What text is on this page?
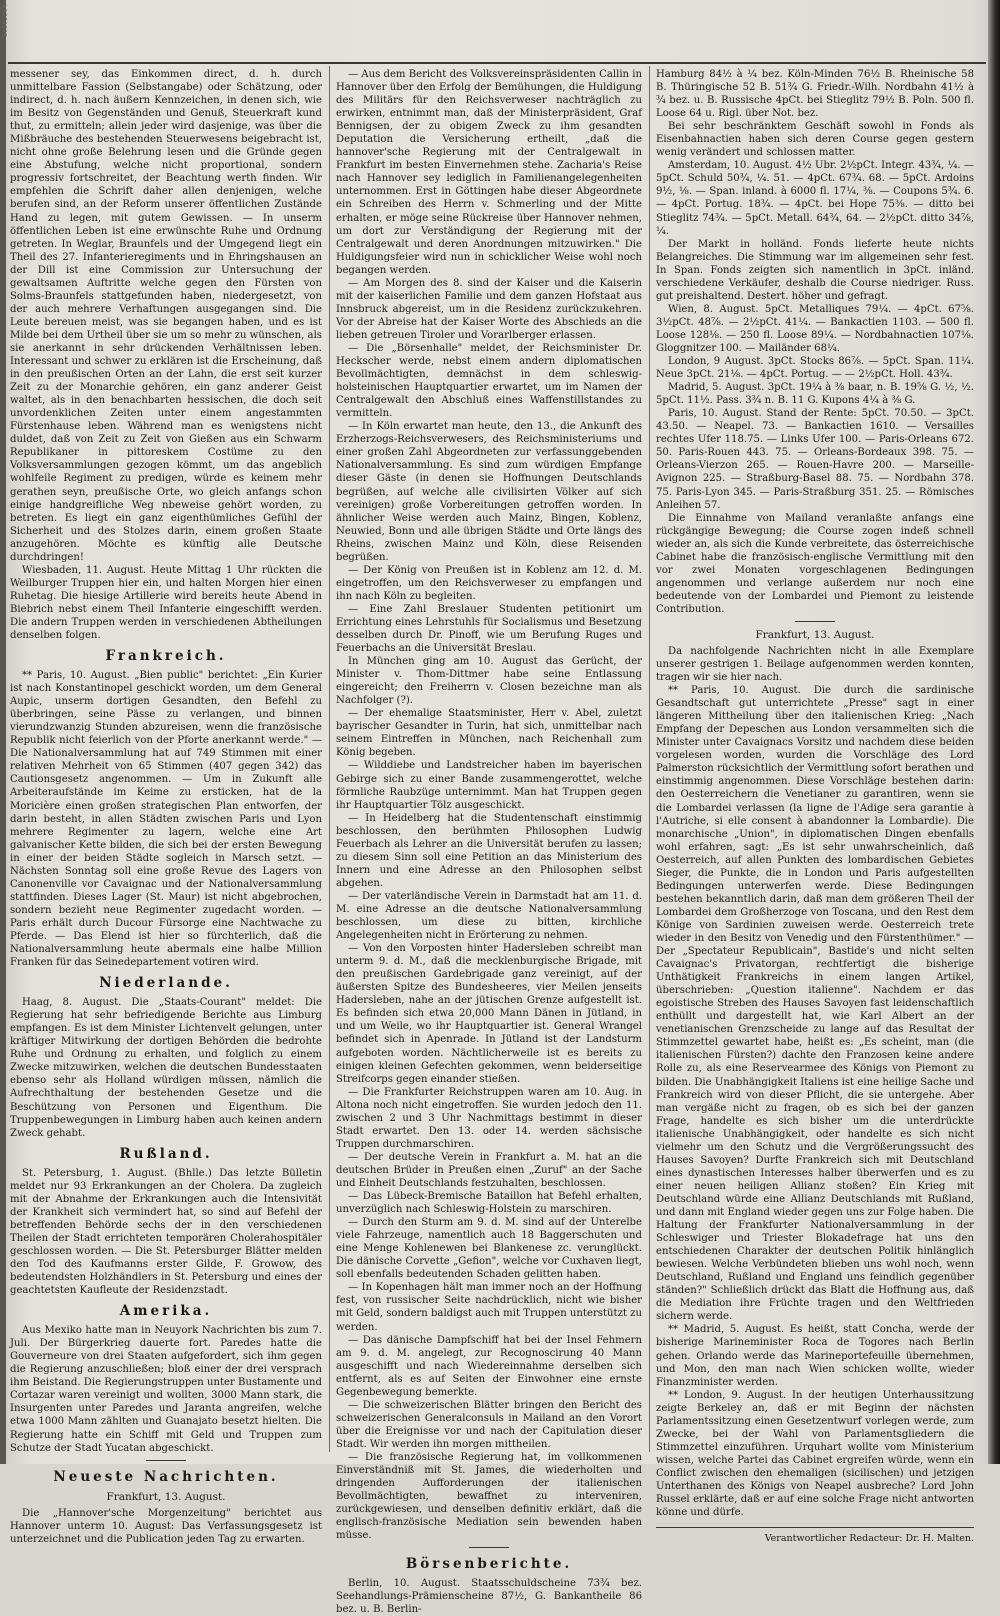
10502264

messener sey, das Einkommen direct, d. h. durch unmittelbare Fassion (Selbstangabe) oder Schätzung, oder indirect, d. h. nach äußern Kennzeichen, in denen sich, wie im Besitz von Gegenständen und Genuß, Steuerkraft kund thut, zu ermitteln; allein jeder wird dasjenige, was über die Mißbräuche des bestehenden Steuerwesens beigebracht ist, nicht ohne große Belehrung lesen und die Gründe gegen eine Abstufung, welche nicht proportional, sondern progressiv fortschreitet, der Beachtung werth finden. Wir empfehlen die Schrift daher allen denjenigen, welche berufen sind, an der Reform unserer öffentlichen Zustände Hand zu legen, mit gutem Gewissen. — In unserm öffentlichen Leben ist eine erwünschte Ruhe und Ordnung getreten. In Weglar, Braunfels und der Umgegend liegt ein Theil des 27. Infanterieregiments und in Ehringshausen an der Dill ist eine Commission zur Untersuchung der gewaltsamen Auftritte welche gegen den Fürsten von Solms-Braunfels stattgefunden haben, niedergesetzt, von der auch mehrere Verhaftungen ausgegangen sind. Die Leute bereuen meist, was sie begangen haben, und es ist Milde bei dem Urtheil über sie um so mehr zu wünschen, als sie anerkannt in sehr drückenden Verhältnissen leben. Interessant und schwer zu erklären ist die Erscheinung, daß in den preußischen Orten an der Lahn, die erst seit kurzer Zeit zu der Monarchie gehören, ein ganz anderer Geist waltet, als in den benachbarten hessischen, die doch seit unvordenklichen Zeiten unter einem angestammten Fürstenhause leben. Während man es wenigstens nicht duldet, daß von Zeit zu Zeit von Gießen aus ein Schwarm Republikaner in pittoreskem Costüme zu den Volksversammlungen gezogen kömmt, um das angeblich wohlfeile Regiment zu predigen, würde es keinem mehr gerathen seyn, preußische Orte, wo gleich anfangs schon einige handgreifliche Weg nbeweise gehört worden, zu betreten. Es liegt ein ganz eigenthümliches Gefühl der Sicherheit und des Stolzes darin, einem großen Staate anzugehören. Möchte es künftig alle Deutsche durchdringen!

Wiesbaden, 11. August. Heute Mittag 1 Uhr rückten die Weilburger Truppen hier ein, und halten Morgen hier einen Ruhetag. Die hiesige Artillerie wird bereits heute Abend in Biebrich nebst einem Theil Infanterie eingeschifft werden. Die andern Truppen werden in verschiedenen Abtheilungen denselben folgen.

Frankreich.

** Paris, 10. August. „Bien public" berichtet: „Ein Kurier ist nach Konstantinopel geschickt worden, um dem General Aupic, unserm dortigen Gesandten, den Befehl zu überbringen, seine Pässe zu verlangen, und binnen vierundzwanzig Stunden abzureisen, wenn die französische Republik nicht feierlich von der Pforte anerkannt werde." — Die Nationalversammlung hat auf 749 Stimmen mit einer relativen Mehrheit von 65 Stimmen (407 gegen 342) das Cautionsgesetz angenommen. — Um in Zukunft alle Arbeiteraufstände im Keime zu ersticken, hat de la Moricière einen großen strategischen Plan entworfen, der darin besteht, in allen Städten zwischen Paris und Lyon mehrere Regimenter zu lagern, welche eine Art galvanischer Kette bilden, die sich bei der ersten Bewegung in einer der beiden Städte sogleich in Marsch setzt. — Nächsten Sonntag soll eine große Revue des Lagers von Canonenville vor Cavaignac und der Nationalversammlung stattfinden. Dieses Lager (St. Maur) ist nicht abgebrochen, sondern bezieht neue Regimenter zugedacht worden. — Paris erhält durch Ducour Fürsorge eine Nachtwache zu Pferde. — Das Elend ist hier so fürchterlich, daß die Nationalversammlung heute abermals eine halbe Million Franken für das Seinedepartement votiren wird.

Niederlande.

Haag, 8. August. Die „Staats-Courant" meldet: Die Regierung hat sehr befriedigende Berichte aus Limburg empfangen. Es ist dem Minister Lichtenvelt gelungen, unter kräftiger Mitwirkung der dortigen Behörden die bedrohte Ruhe und Ordnung zu erhalten, und folglich zu einem Zwecke mitzuwirken, welchen die deutschen Bundesstaaten ebenso sehr als Holland würdigen müssen, nämlich die Aufrechthaltung der bestehenden Gesetze und die Beschützung von Personen und Eigenthum. Die Truppenbewegungen in Limburg haben auch keinen andern Zweck gehabt.

Rußland.

St. Petersburg, 1. August. (Bhlle.) Das letzte Bülletin meldet nur 93 Erkrankungen an der Cholera. Da zugleich mit der Abnahme der Erkrankungen auch die Intensivität der Krankheit sich vermindert hat, so sind auf Befehl der betreffenden Behörde sechs der in den verschiedenen Theilen der Stadt errichteten temporären Cholerahospitäler geschlossen worden. — Die St. Petersburger Blätter melden den Tod des Kaufmanns erster Gilde, F. Growow, des bedeutendsten Holzhändlers in St. Petersburg und eines der geachtetsten Kaufleute der Residenzstadt.

Amerika.

Aus Mexiko hatte man in Neuyork Nachrichten bis zum 7. Juli. Der Bürgerkrieg dauerte fort. Paredes hatte die Gouverneure von drei Staaten aufgefordert, sich ihm gegen die Regierung anzuschließen; bloß einer der drei versprach ihm Beistand. Die Regierungstruppen unter Bustamente und Cortazar waren vereinigt und wollten, 3000 Mann stark, die Insurgenten unter Paredes und Jaranta angreifen, welche etwa 1000 Mann zählten und Guanajato besetzt hielten. Die Regierung hatte ein Schiff mit Geld und Truppen zum Schutze der Stadt Yucatan abgeschickt.

Neueste Nachrichten.
Frankfurt, 13. August.

Die „Hannover'sche Morgenzeitung" berichtet aus Hannover unterm 10. August: Das Verfassungsgesetz ist unterzeichnet und die Publication jeden Tag zu erwarten.

— Aus dem Bericht des Volksvereinspräsidenten Callin in Hannover über den Erfolg der Bemühungen, die Huldigung des Militärs für den Reichsverweser nachträglich zu erwirken, entnimmt man, daß der Ministerpräsident, Graf Bennigsen, der zu obigem Zweck zu ihm gesandten Deputation die Versicherung ertheilt, „daß die hannover'sche Regierung mit der Centralgewalt in Frankfurt im besten Einvernehmen stehe. Zacharia's Reise nach Hannover sey lediglich in Familienangelegenheiten unternommen. Erst in Göttingen habe dieser Abgeordnete ein Schreiben des Herrn v. Schmerling und der Mitte erhalten, er möge seine Rückreise über Hannover nehmen, um dort zur Verständigung der Regierung mit der Centralgewalt und deren Anordnungen mitzuwirken." Die Huldigungsfeier wird nun in schicklicher Weise wohl noch begangen werden.

— Am Morgen des 8. sind der Kaiser und die Kaiserin mit der kaiserlichen Familie und dem ganzen Hofstaat aus Innsbruck abgereist, um in die Residenz zurückzukehren. Vor der Abreise hat der Kaiser Worte des Abschieds an die lieben getreuen Tiroler und Vorarlberger erlassen.

— Die „Börsenhalle" meldet, der Reichsminister Dr. Heckscher werde, nebst einem andern diplomatischen Bevollmächtigten, demnächst in dem schleswig-holsteinischen Hauptquartier erwartet, um im Namen der Centralgewalt den Abschluß eines Waffenstillstandes zu vermitteln.

— In Köln erwartet man heute, den 13., die Ankunft des Erzherzogs-Reichsverwesers, des Reichsministeriums und einer großen Zahl Abgeordneten zur verfassunggebenden Nationalversammlung. Es sind zum würdigen Empfange dieser Gäste (in denen sie Hoffnungen Deutschlands begrüßen, auf welche alle civilisirten Völker auf sich vereinigen) große Vorbereitungen getroffen worden. In ähnlicher Weise werden auch Mainz, Bingen, Koblenz, Neuwied, Bonn und alle übrigen Städte und Orte längs des Rheins, zwischen Mainz und Köln, diese Reisenden begrüßen.

— Der König von Preußen ist in Koblenz am 12. d. M. eingetroffen, um den Reichsverweser zu empfangen und ihn nach Köln zu begleiten.

— Eine Zahl Breslauer Studenten petitionirt um Errichtung eines Lehrstuhls für Socialismus und Besetzung desselben durch Dr. Pinoff, wie um Berufung Ruges und Feuerbachs an die Universität Breslau.

In München ging am 10. August das Gerücht, der Minister v. Thom-Dittmer habe seine Entlassung eingereicht; den Freiherrn v. Closen bezeichne man als Nachfolger (?).

— Der ehemalige Staatsminister, Herr v. Abel, zuletzt bayrischer Gesandter in Turin, hat sich, unmittelbar nach seinem Eintreffen in München, nach Reichenhall zum König begeben.

— Wilddiebe und Landstreicher haben im bayerischen Gebirge sich zu einer Bande zusammengerottet, welche förmliche Raubzüge unternimmt. Man hat Truppen gegen ihr Hauptquartier Tölz ausgeschickt.

— In Heidelberg hat die Studentenschaft einstimmig beschlossen, den berühmten Philosophen Ludwig Feuerbach als Lehrer an die Universität berufen zu lassen; zu diesem Sinn soll eine Petition an das Ministerium des Innern und eine Adresse an den Philosophen selbst abgehen.

— Der vaterländische Verein in Darmstadt hat am 11. d. M. eine Adresse an die deutsche Nationalversammlung beschlossen, um diese zu bitten, kirchliche Angelegenheiten nicht in Erörterung zu nehmen.

— Von den Vorposten hinter Hadersleben schreibt man unterm 9. d. M., daß die mecklenburgische Brigade, mit den preußischen Gardebrigade ganz vereinigt, auf der äußersten Spitze des Bundesheeres, vier Meilen jenseits Hadersleben, nahe an der jütischen Grenze aufgestellt ist. Es befinden sich etwa 20,000 Mann Dänen in Jütland, in und um Weile, wo ihr Hauptquartier ist. General Wrangel befindet sich in Apenrade. In Jütland ist der Landsturm aufgeboten worden. Nächtlicherweile ist es bereits zu einigen kleinen Gefechten gekommen, wenn beiderseitige Streifcorps gegen einander stießen.

— Die Frankfurter Reichstruppen waren am 10. Aug. in Altona noch nicht eingetroffen. Sie wurden jedoch den 11. zwischen 2 und 3 Uhr Nachmittags bestimmt in dieser Stadt erwartet. Den 13. oder 14. werden sächsische Truppen durchmarschiren.

— Der deutsche Verein in Frankfurt a. M. hat an die deutschen Brüder in Preußen einen „Zuruf" an der Sache und Einheit Deutschlands festzuhalten, beschlossen.

— Das Lübeck-Bremische Bataillon hat Befehl erhalten, unverzüglich nach Schleswig-Holstein zu marschiren.

— Durch den Sturm am 9. d. M. sind auf der Unterelbe viele Fahrzeuge, namentlich auch 18 Baggerschuten und eine Menge Kohlenewen bei Blankenese zc. verunglückt. Die dänische Corvette „Gefion", welche vor Cuxhaven liegt, soll ebenfalls bedeutenden Schaden gelitten haben.

— In Kopenhagen hält man immer noch an der Hoffnung fest, von russischer Seite nachdrücklich, nicht wie bisher mit Geld, sondern baldigst auch mit Truppen unterstützt zu werden.

— Das dänische Dampfschiff hat bei der Insel Fehmern am 9. d. M. angelegt, zur Recognoscirung 40 Mann ausgeschifft und nach Wiedereinnahme derselben sich entfernt, als es auf Seiten der Einwohner eine ernste Gegenbewegung bemerkte.

— Die schweizerischen Blätter bringen den Bericht des schweizerischen Generalconsuls in Mailand an den Vorort über die Ereignisse vor und nach der Capitulation dieser Stadt. Wir werden ihn morgen mittheilen.

— Die französische Regierung hat, im vollkommenen Einverständniß mit St. James, die wiederholten und dringenden Aufforderungen der italienischen Bevollmächtigten, bewaffnet zu interveniren, zurückgewiesen, und denselben definitiv erklärt, daß die englisch-französische Mediation sein bewenden haben müsse.

Börsenberichte.

Berlin, 10. August. Staatsschuldscheine 73¾ bez. Seehandlungs-Prämienscheine 87½, G. Bankantheile 86 bez. u. B. Berlin-

Hamburg 84½ à ¼ bez. Köln-Minden 76½ B. Rheinische 58 B. Thüringische 52 B. 51¾ G. Friedr.-Wilh. Nordbahn 41½ à ¾ bez. u. B. Russische 4pCt. bei Stieglitz 79½ B. Poln. 500 fl. Loose 64 u. Rigl. über Not. bez.

Bei sehr beschränktem Geschäft sowohl in Fonds als Eisenbahnactien haben sich deren Course gegen gestern wenig verändert und schlossen matter.

Amsterdam, 10. August. 4½ Ubr. 2½pCt. Integr. 43¾, ¼. — 5pCt. Schuld 50¾, ¼. 51. — 4pCt. 67¾. 68. — 5pCt. Ardoins 9½, ⅛. — Span. inland. à 6000 fl. 17¼, ⅜. — Coupons 5¾. 6. — 4pCt. Portug. 18¾. — 4pCt. bei Hope 75⅜. — ditto bei Stieglitz 74¾. — 5pCt. Metall. 64¾, 64. — 2½pCt. ditto 34⅞, ¼.

Der Markt in holländ. Fonds lieferte heute nichts Belangreiches. Die Stimmung war im allgemeinen sehr fest. In Span. Fonds zeigten sich namentlich in 3pCt. inländ. verschiedene Verkäufer, deshalb die Course niedriger. Russ. gut preishaltend. Destert. höher und gefragt.

Wien, 8. August. 5pCt. Metalliques 79¼. — 4pCt. 67⅝. 3½pCt. 48⅞. — 2½pCt. 41¼. — Bankactien 1103. — 500 fl. Loose 128⅛. — 250 fl. Loose 89¼. — Nordbahnactien 107⅛. Gloggnitzer 100. — Mailänder 68¼.

London, 9 August. 3pCt. Stocks 86⅞. — 5pCt. Span. 11¼. Neue 3pCt. 21⅛. — 4pCt. Portug. — — 2½pCt. Holl. 43¾.

Madrid, 5. August. 3pCt. 19¼ à ⅜ baar, n. B. 19⅝ G. ½, ½. 5pCt. 11½. Pass. 3¾ n. B. 11 G. Kupons 4¼ à ⅜ G.

Paris, 10. August. Stand der Rente: 5pCt. 70.50. — 3pCt. 43.50. — Neapel. 73. — Bankactien 1610. — Versailles rechtes Ufer 118.75. — Links Ufer 100. — Paris-Orleans 672. 50. Paris-Rouen 443. 75. — Orleans-Bordeaux 398. 75. — Orleans-Vierzon 265. — Rouen-Havre 200. — Marseille-Avignon 225. — Straßburg-Basel 88. 75. — Nordbahn 378. 75. Paris-Lyon 345. — Paris-Straßburg 351. 25. — Römisches Anleihen 57.

Die Einnahme von Mailand veranlaßte anfangs eine rückgängige Bewegung; die Course zogen indeß schnell wieder an, als sich die Kunde verbreitete, das österreichische Cabinet habe die französisch-englische Vermittlung mit den vor zwei Monaten vorgeschlagenen Bedingungen angenommen und verlange außerdem nur noch eine bedeutende von der Lombardei und Piemont zu leistende Contribution.

Frankfurt, 13. August.

Da nachfolgende Nachrichten nicht in alle Exemplare unserer gestrigen 1. Beilage aufgenommen werden konnten, tragen wir sie hier nach.

** Paris, 10. August. Die durch die sardinische Gesandtschaft gut unterrichtete „Presse" sagt in einer längeren Mittheilung über den italienischen Krieg: „Nach Empfang der Depeschen aus London versammelten sich die Minister unter Cavaignacs Vorsitz und nachdem diese beiden vorgelesen worden, wurden die Vorschläge des Lord Palmerston rücksichtlich der Vermittlung sofort berathen und einstimmig angenommen. Diese Vorschläge bestehen darin: den Oesterreichern die Venetianer zu garantiren, wenn sie die Lombardei verlassen (la ligne de l'Adige sera garantie à l'Autriche, si elle consent à abandonner la Lombardie). Die monarchische „Union", in diplomatischen Dingen ebenfalls wohl erfahren, sagt: „Es ist sehr unwahrscheinlich, daß Oesterreich, auf allen Punkten des lombardischen Gebietes Sieger, die Punkte, die in London und Paris aufgestellten Bedingungen unterwerfen werde. Diese Bedingungen bestehen bekanntlich darin, daß man dem größeren Theil der Lombardei dem Großherzoge von Toscana, und den Rest dem Könige von Sardinien zuweisen werde. Oesterreich trete wieder in den Besitz von Venedig und den Fürstenthümer." — Der „Spectateur Republicain", Bastide's und nicht selten Cavaignac's Privatorgan, rechtfertigt die bisherige Unthätigkeit Frankreichs in einem langen Artikel, überschrieben: „Question italienne". Nachdem er das egoistische Streben des Hauses Savoyen fast leidenschaftlich enthüllt und dargestellt hat, wie Karl Albert an der venetianischen Grenzscheide zu lange auf das Resultat der Stimmzettel gewartet habe, heißt es: „Es scheint, man (die italienischen Fürsten?) dachte den Franzosen keine andere Rolle zu, als eine Reservearmee des Königs von Piemont zu bilden. Die Unabhängigkeit Italiens ist eine heilige Sache und Frankreich wird von dieser Pflicht, die sie untergehe. Aber man vergäße nicht zu fragen, ob es sich bei der ganzen Frage, handelte es sich bisher um die unterdrückte italienische Unabhängigkeit, oder handelte es sich nicht vielmehr um den Schutz und die Vergrößerungssucht des Hauses Savoyen? Durfte Frankreich sich mit Deutschland eines dynastischen Interesses halber überwerfen und es zu einer neuen heiligen Allianz stoßen? Ein Krieg mit Deutschland würde eine Allianz Deutschlands mit Rußland, und dann mit England wieder gegen uns zur Folge haben. Die Haltung der Frankfurter Nationalversammlung in der Schleswiger und Triester Blokadefrage hat uns den entschiedenen Charakter der deutschen Politik hinlänglich bewiesen. Welche Verbündeten blieben uns wohl noch, wenn Deutschland, Rußland und England uns feindlich gegenüber ständen?" Schließlich drückt das Blatt die Hoffnung aus, daß die Mediation ihre Früchte tragen und den Weltfrieden sichern werde.

** Madrid, 5. August. Es heißt, statt Concha, werde der bisherige Marineminister Roca de Togores nach Berlin gehen. Orlando werde das Marineportefeuille übernehmen, und Mon, den man nach Wien schicken wollte, wieder Finanzminister werden.

** London, 9. August. In der heutigen Unterhaussitzung zeigte Berkeley an, daß er mit Beginn der nächsten Parlamentssitzung einen Gesetzentwurf vorlegen werde, zum Zwecke, bei der Wahl von Parlamentsgliedern die Stimmzettel einzuführen. Urquhart wollte vom Ministerium wissen, welche Partei das Cabinet ergreifen würde, wenn ein Conflict zwischen den ehemaligen (sicilischen) und jetzigen Unterthanen des Königs von Neapel ausbreche? Lord John Russel erklärte, daß er auf eine solche Frage nicht antworten könne und dürfe.

Verantwortlicher Redacteur: Dr. H. Malten.
